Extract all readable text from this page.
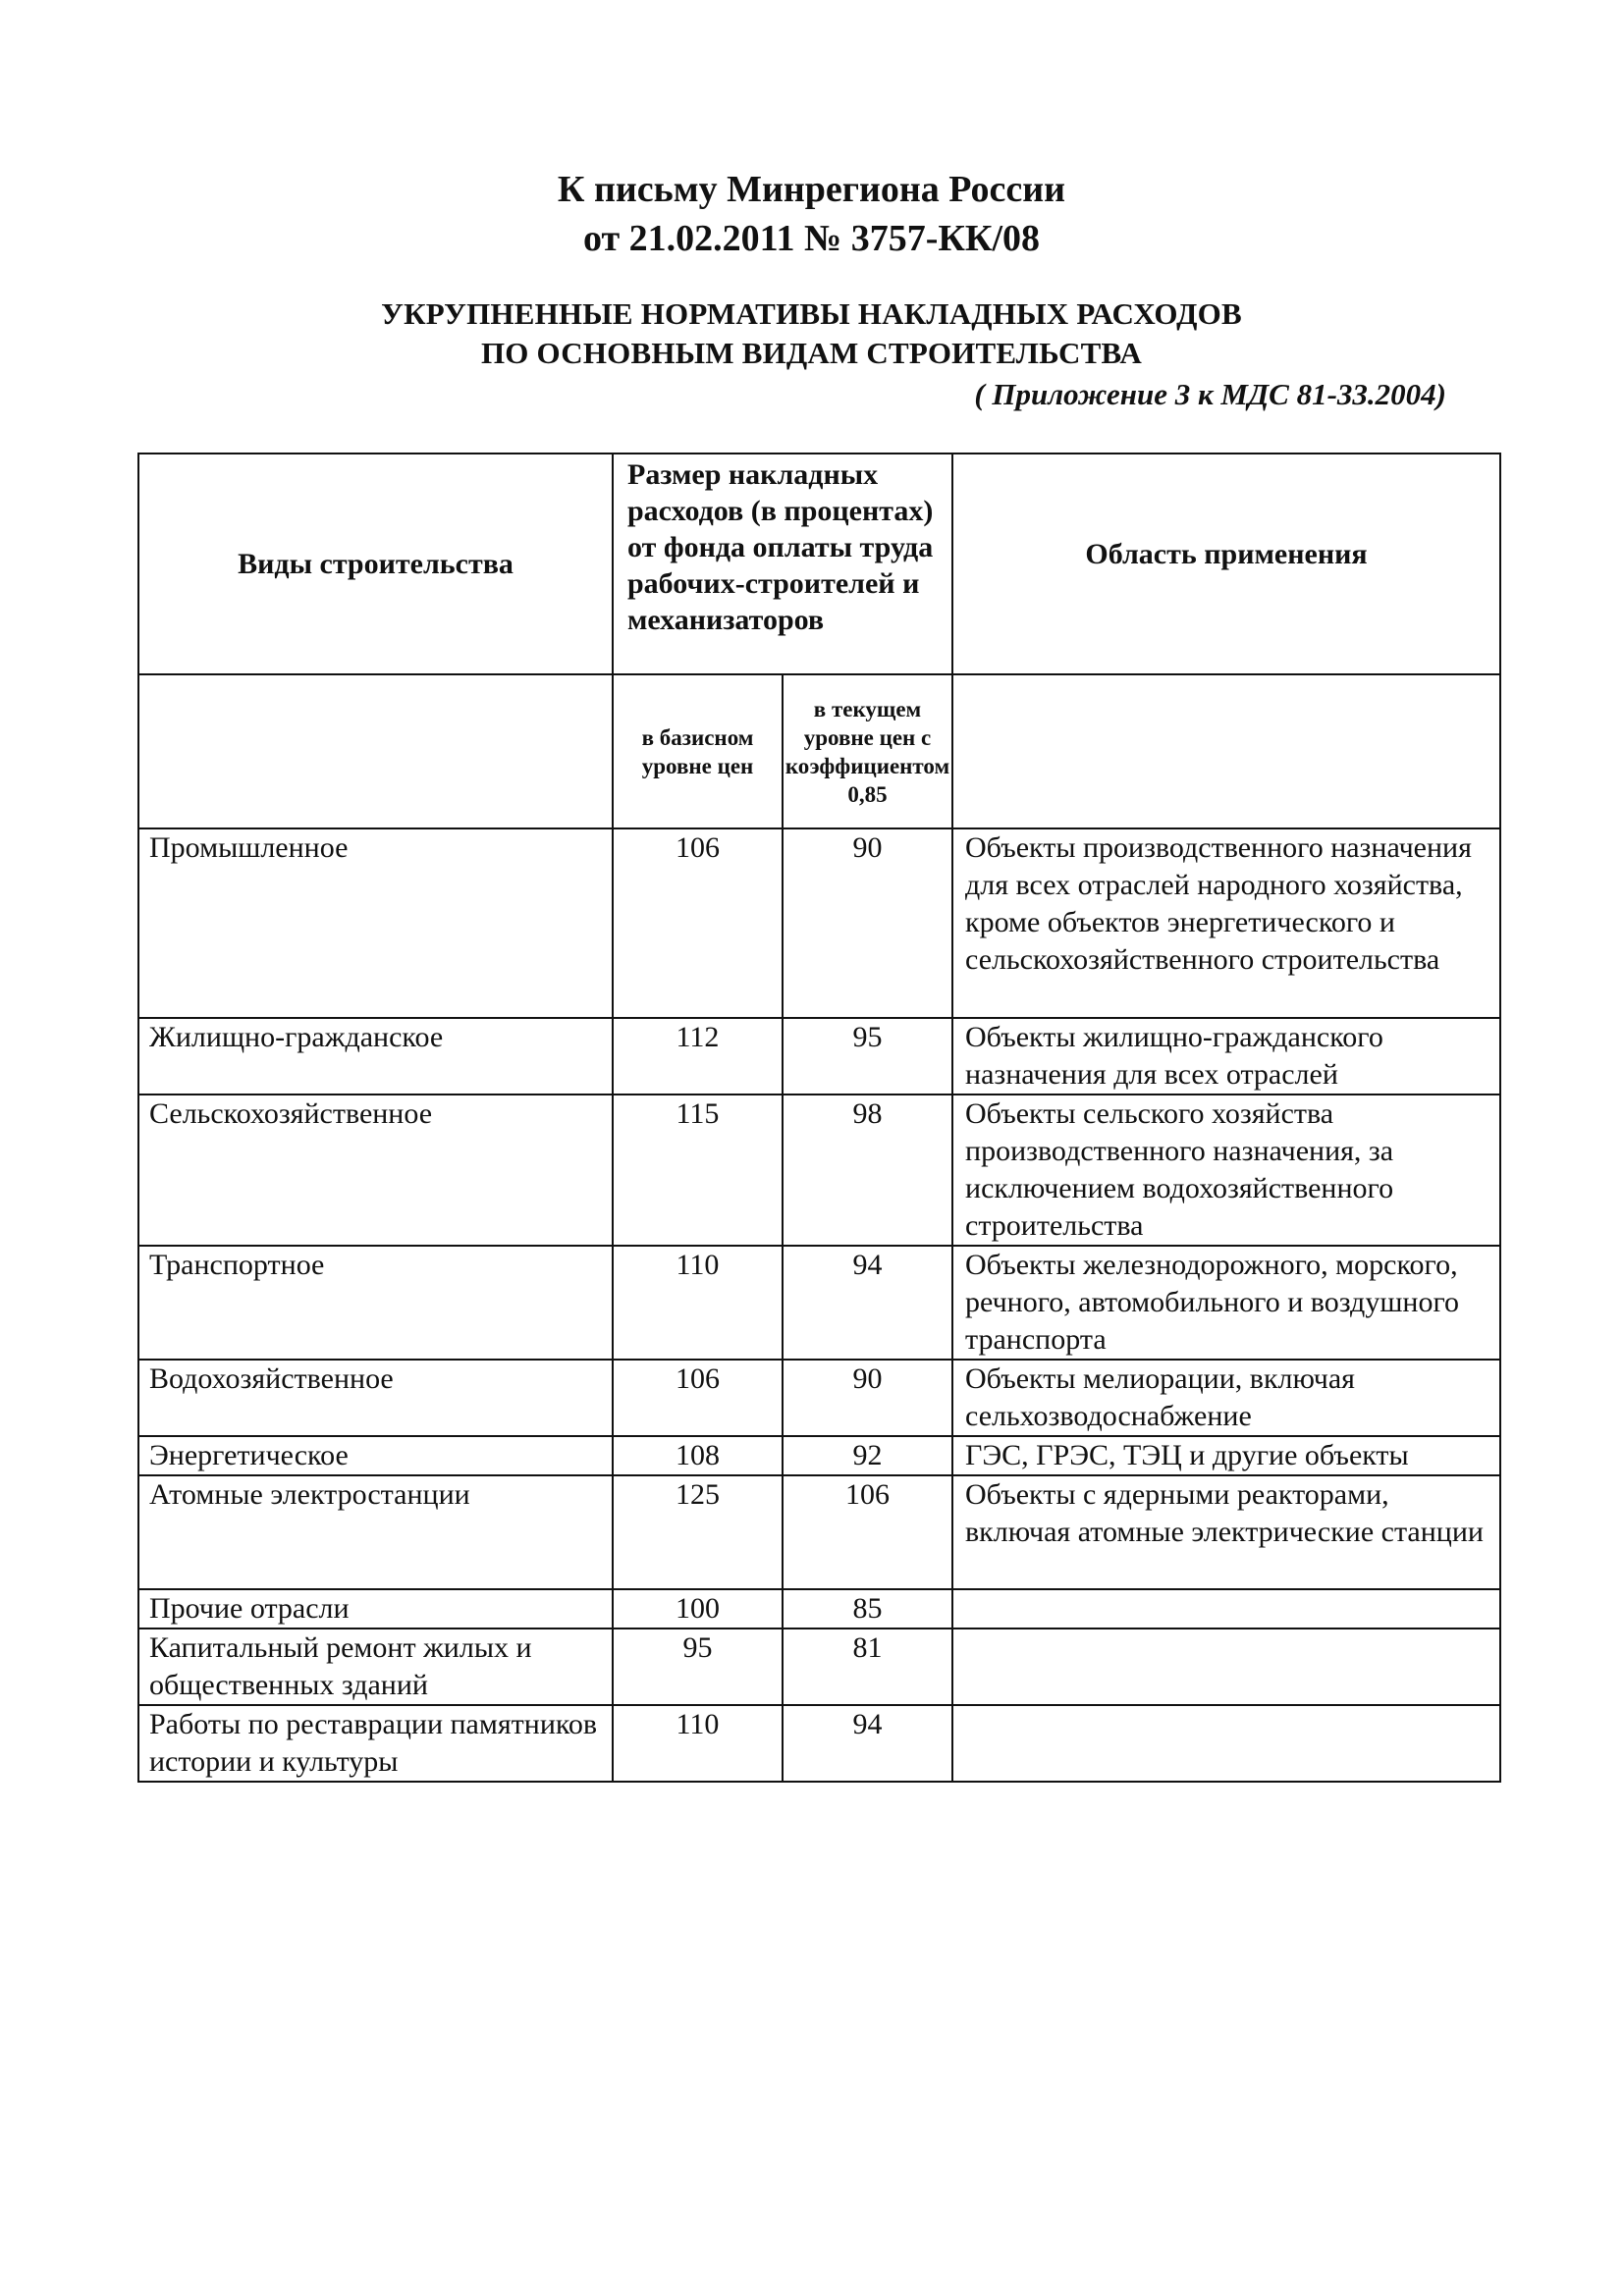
К письму Минрегиона России
от 21.02.2011 № 3757-КК/08
УКРУПНЕННЫЕ НОРМАТИВЫ НАКЛАДНЫХ РАСХОДОВ
ПО ОСНОВНЫМ ВИДАМ СТРОИТЕЛЬСТВА
( Приложение 3 к МДС 81-33.2004)
Виды строительства	Размер накладных расходов (в процентах) от фонда оплаты труда рабочих-строителей и механизаторов		Область применения
	в базисном уровне цен	в текущем уровне цен с коэффициентом 0,85	
Промышленное	106	90	Объекты производственного назначения для всех отраслей народного хозяйства, кроме объектов энергетического и сельскохозяйственного строительства
Жилищно-гражданское	112	95	Объекты жилищно-гражданского назначения для всех отраслей
Сельскохозяйственное	115	98	Объекты сельского хозяйства производственного назначения, за исключением водохозяйственного строительства
Транспортное	110	94	Объекты железнодорожного, морского, речного, автомобильного и воздушного транспорта
Водохозяйственное	106	90	Объекты мелиорации, включая сельхозводоснабжение
Энергетическое	108	92	ГЭС, ГРЭС, ТЭЦ и другие объекты
Атомные электростанции	125	106	Объекты с ядерными реакторами, включая атомные электрические станции
Прочие отрасли	100	85	
Капитальный ремонт жилых и общественных зданий	95	81	
Работы по реставрации памятников истории и культуры	110	94	
